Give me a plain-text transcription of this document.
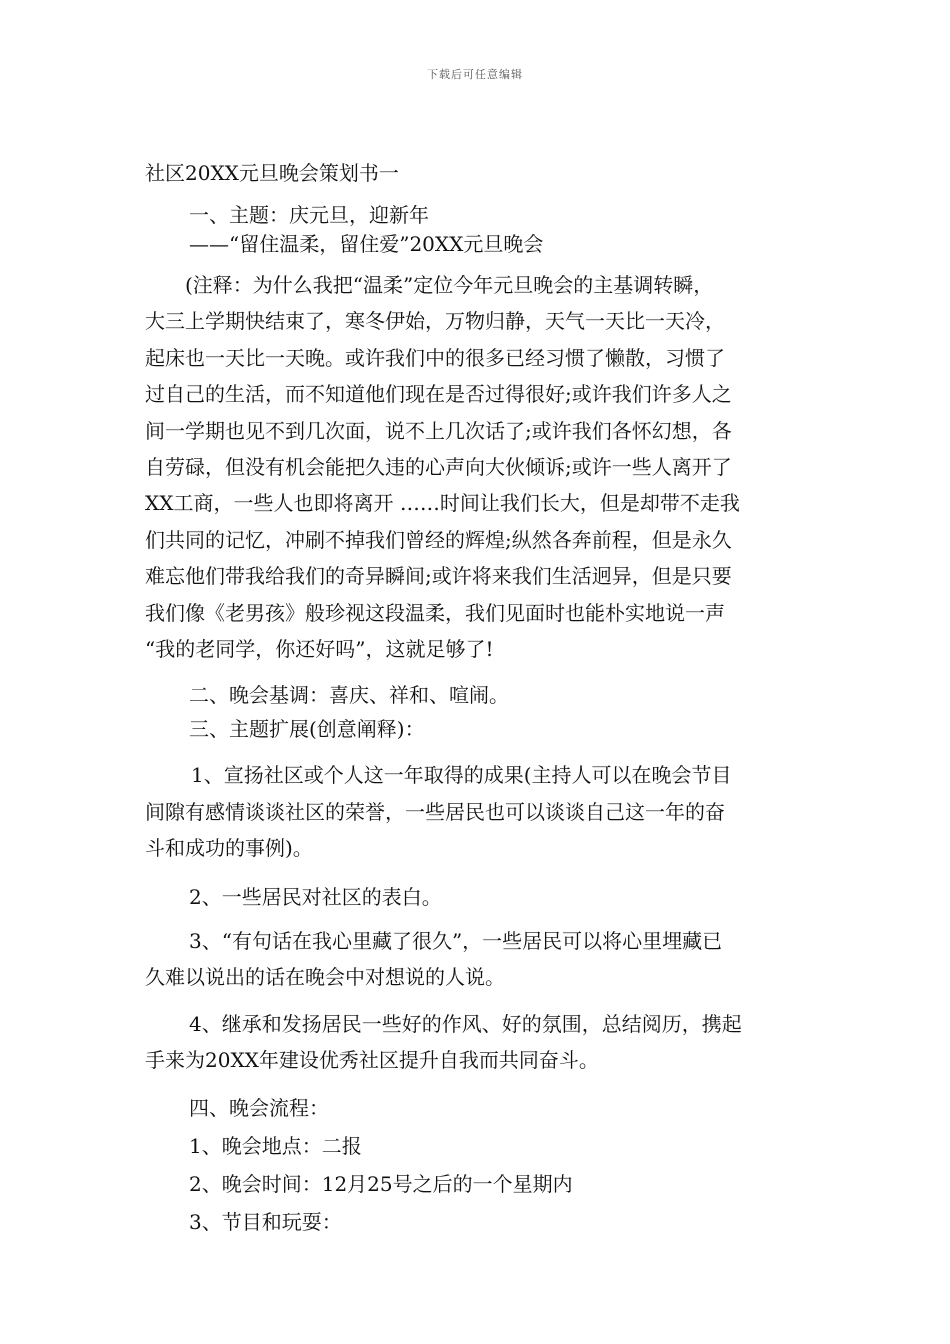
下载后可任意编辑
社区20XX元旦晚会策划书一

一、主题：庆元旦，迎新年

——“留住温柔，留住爱”20XX元旦晚会

(注释：为什么我把“温柔”定位今年元旦晚会的主基调转瞬，
大三上学期快结束了，寒冬伊始，万物归静，天气一天比一天冷，
起床也一天比一天晚。或许我们中的很多已经习惯了懒散，习惯了
过自己的生活，而不知道他们现在是否过得很好;或许我们许多人之
间一学期也见不到几次面，说不上几次话了;或许我们各怀幻想，各
自劳碌，但没有机会能把久违的心声向大伙倾诉;或许一些人离开了
XX工商，一些人也即将离开 ……时间让我们长大，但是却带不走我
们共同的记忆，冲刷不掉我们曾经的辉煌;纵然各奔前程，但是永久
难忘他们带我给我们的奇异瞬间;或许将来我们生活迥异，但是只要
我们像《老男孩》般珍视这段温柔，我们见面时也能朴实地说一声
“我的老同学，你还好吗”，这就足够了!

二、晚会基调：喜庆、祥和、喧闹。

三、主题扩展(创意阐释)：

1、宣扬社区或个人这一年取得的成果(主持人可以在晚会节目
间隙有感情谈谈社区的荣誉，一些居民也可以谈谈自己这一年的奋
斗和成功的事例)。

2、一些居民对社区的表白。

3、“有句话在我心里藏了很久”，一些居民可以将心里埋藏已
久难以说出的话在晚会中对想说的人说。
4、继承和发扬居民一些好的作风、好的氛围，总结阅历，携起
手来为20XX年建设优秀社区提升自我而共同奋斗。

四、晚会流程：

1、晚会地点：二报

2、晚会时间：12月25号之后的一个星期内

3、节目和玩耍：
